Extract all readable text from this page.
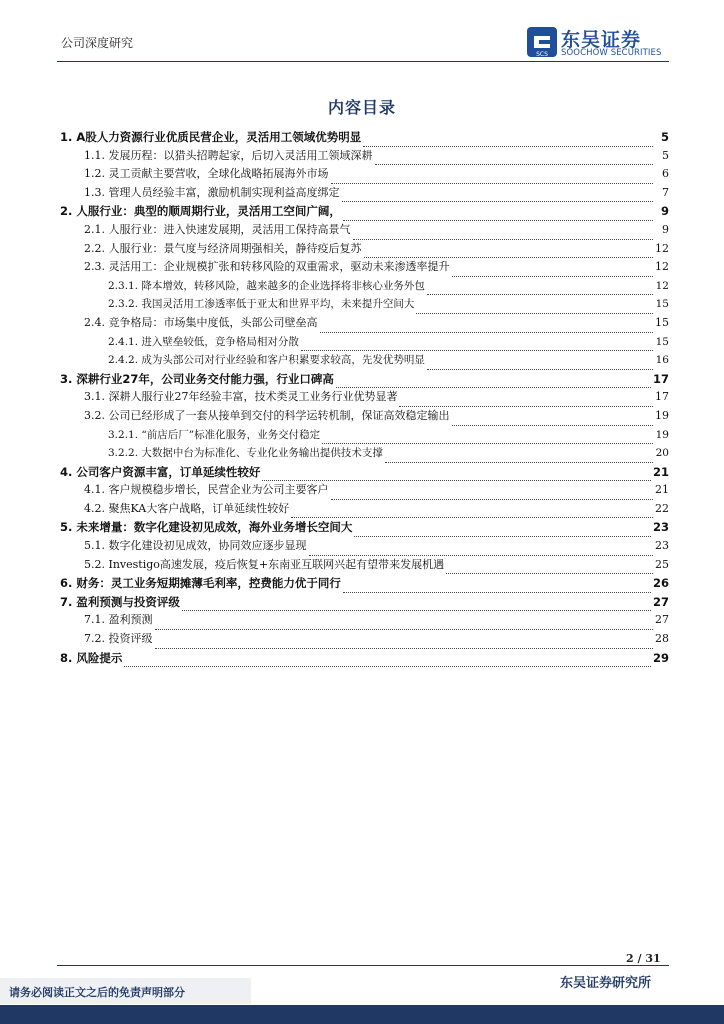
公司深度研究
SCS
东吴证券
SOOCHOW SECURITIES
内容目录
1. A股人力资源行业优质民营企业，灵活用工领域优势明显	5
1.1. 发展历程：以猎头招聘起家，后切入灵活用工领域深耕	5
1.2. 灵工贡献主要营收，全球化战略拓展海外市场	6
1.3. 管理人员经验丰富，激励机制实现利益高度绑定	7
2. 人服行业：典型的顺周期行业，灵活用工空间广阔，	9
2.1. 人服行业：进入快速发展期，灵活用工保持高景气	9
2.2. 人服行业：景气度与经济周期强相关，静待疫后复苏	12
2.3. 灵活用工：企业规模扩张和转移风险的双重需求，驱动未来渗透率提升	12
2.3.1. 降本增效，转移风险，越来越多的企业选择将非核心业务外包	12
2.3.2. 我国灵活用工渗透率低于亚太和世界平均，未来提升空间大	15
2.4. 竞争格局：市场集中度低，头部公司壁垒高	15
2.4.1. 进入壁垒较低，竞争格局相对分散	15
2.4.2. 成为头部公司对行业经验和客户积累要求较高，先发优势明显	16
3. 深耕行业27年，公司业务交付能力强，行业口碑高	17
3.1. 深耕人服行业27年经验丰富，技术类灵工业务行业优势显著	17
3.2. 公司已经形成了一套从接单到交付的科学运转机制，保证高效稳定输出	19
3.2.1. “前店后厂”标准化服务，业务交付稳定	19
3.2.2. 大数据中台为标准化、专业化业务输出提供技术支撑	20
4. 公司客户资源丰富，订单延续性较好	21
4.1. 客户规模稳步增长，民营企业为公司主要客户	21
4.2. 聚焦KA大客户战略，订单延续性较好	22
5. 未来增量：数字化建设初见成效，海外业务增长空间大	23
5.1. 数字化建设初见成效，协同效应逐步显现	23
5.2. Investigo高速发展，疫后恢复+东南亚互联网兴起有望带来发展机遇	25
6. 财务：灵工业务短期摊薄毛利率，控费能力优于同行	26
7. 盈利预测与投资评级	27
7.1. 盈利预测	27
7.2. 投资评级	28
8. 风险提示	29
2 / 31
东吴证券研究所
请务必阅读正文之后的免责声明部分
